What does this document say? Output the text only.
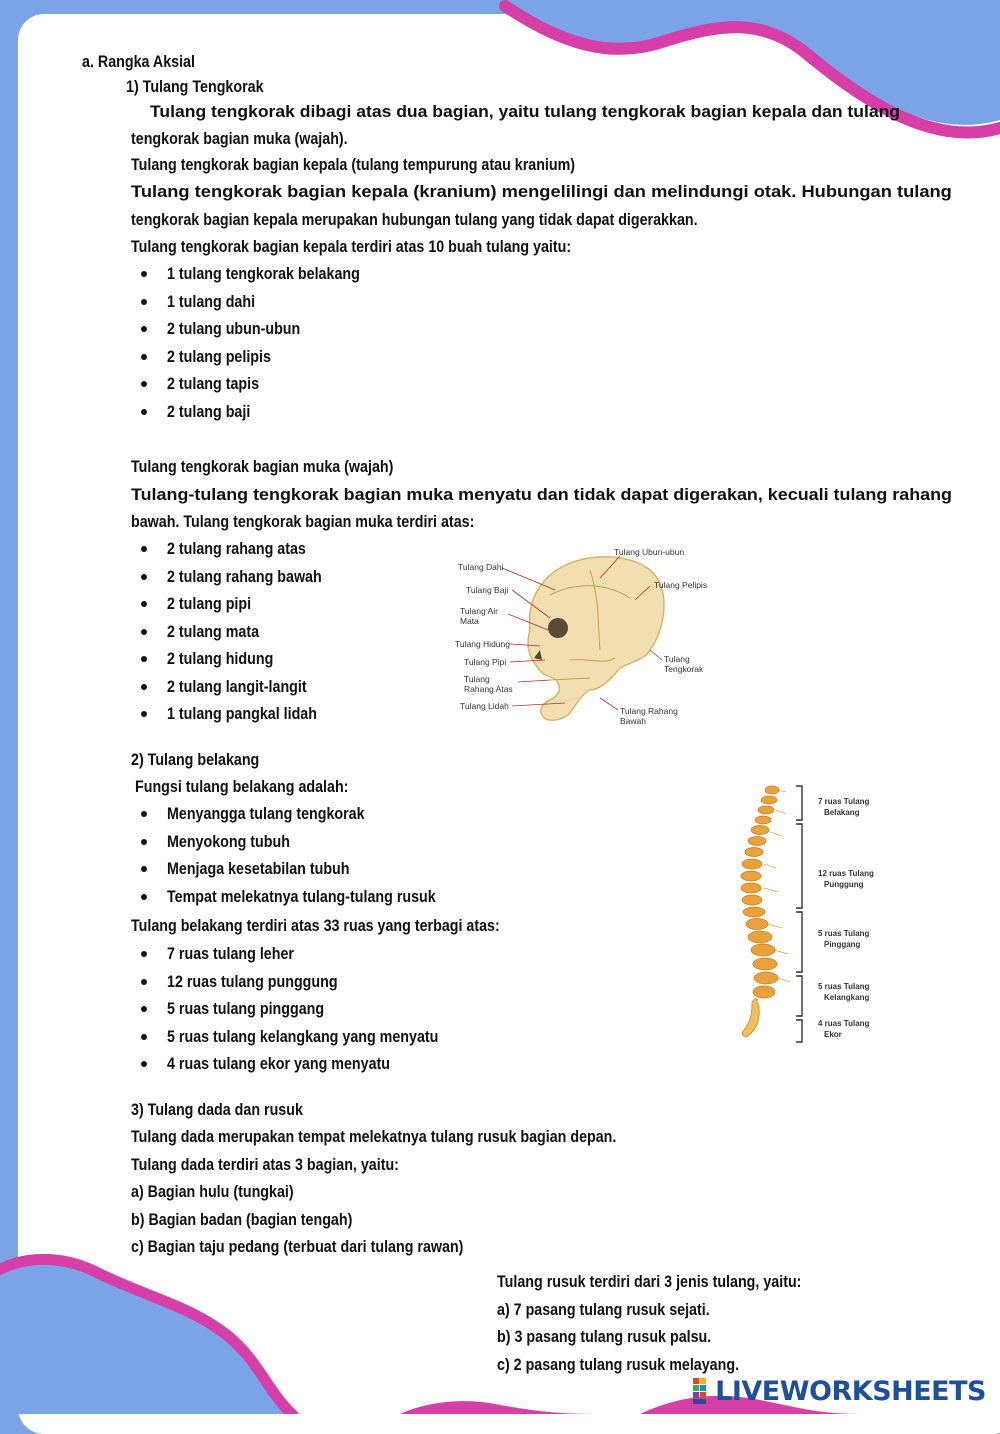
a. Rangka Aksial
1) Tulang Tengkorak
Tulang tengkorak dibagi atas dua bagian, yaitu tulang tengkorak bagian kepala dan tulang
tengkorak bagian muka (wajah).
Tulang tengkorak bagian kepala (tulang tempurung atau kranium)
Tulang tengkorak bagian kepala (kranium) mengelilingi dan melindungi otak. Hubungan tulang
tengkorak bagian kepala merupakan hubungan tulang yang tidak dapat digerakkan.
Tulang tengkorak bagian kepala terdiri atas 10 buah tulang yaitu:
1 tulang tengkorak belakang
1 tulang dahi
2 tulang ubun-ubun
2 tulang pelipis
2 tulang tapis
2 tulang baji
Tulang tengkorak bagian muka (wajah)
Tulang-tulang tengkorak bagian muka menyatu dan tidak dapat digerakan, kecuali tulang rahang
bawah. Tulang tengkorak bagian muka terdiri atas:
2 tulang rahang atas
2 tulang rahang bawah
2 tulang pipi
2 tulang mata
2 tulang hidung
2 tulang langit-langit
1 tulang pangkal lidah
Tulang Dahi
Tulang Baji
Tulang Air
Mata
Tulang Hidung
Tulang Pipi
Tulang
Rahang Atas
Tulang Lidah
Tulang Ubun-ubun
Tulang Pelipis
Tulang
Tengkorak
Tulang Rahang
Bawah
2) Tulang belakang
Fungsi tulang belakang adalah:
Menyangga tulang tengkorak
Menyokong tubuh
Menjaga kesetabilan tubuh
Tempat melekatnya tulang-tulang rusuk
Tulang belakang terdiri atas 33 ruas yang terbagi atas:
7 ruas tulang leher
12 ruas tulang punggung
5 ruas tulang pinggang
5 ruas tulang kelangkang yang menyatu
4 ruas tulang ekor yang menyatu
7 ruas Tulang
Belakang
12 ruas Tulang
Punggung
5 ruas Tulang
Pinggang
5 ruas Tulang
Kelangkang
4 ruas Tulang
Ekor
3) Tulang dada dan rusuk
Tulang dada merupakan tempat melekatnya tulang rusuk bagian depan.
Tulang dada terdiri atas 3 bagian, yaitu:
a) Bagian hulu (tungkai)
b) Bagian badan (bagian tengah)
c) Bagian taju pedang (terbuat dari tulang rawan)
Tulang rusuk terdiri dari 3 jenis tulang, yaitu:
a) 7 pasang tulang rusuk sejati.
b) 3 pasang tulang rusuk palsu.
c) 2 pasang tulang rusuk melayang.
LIVEWORKSHEETS
